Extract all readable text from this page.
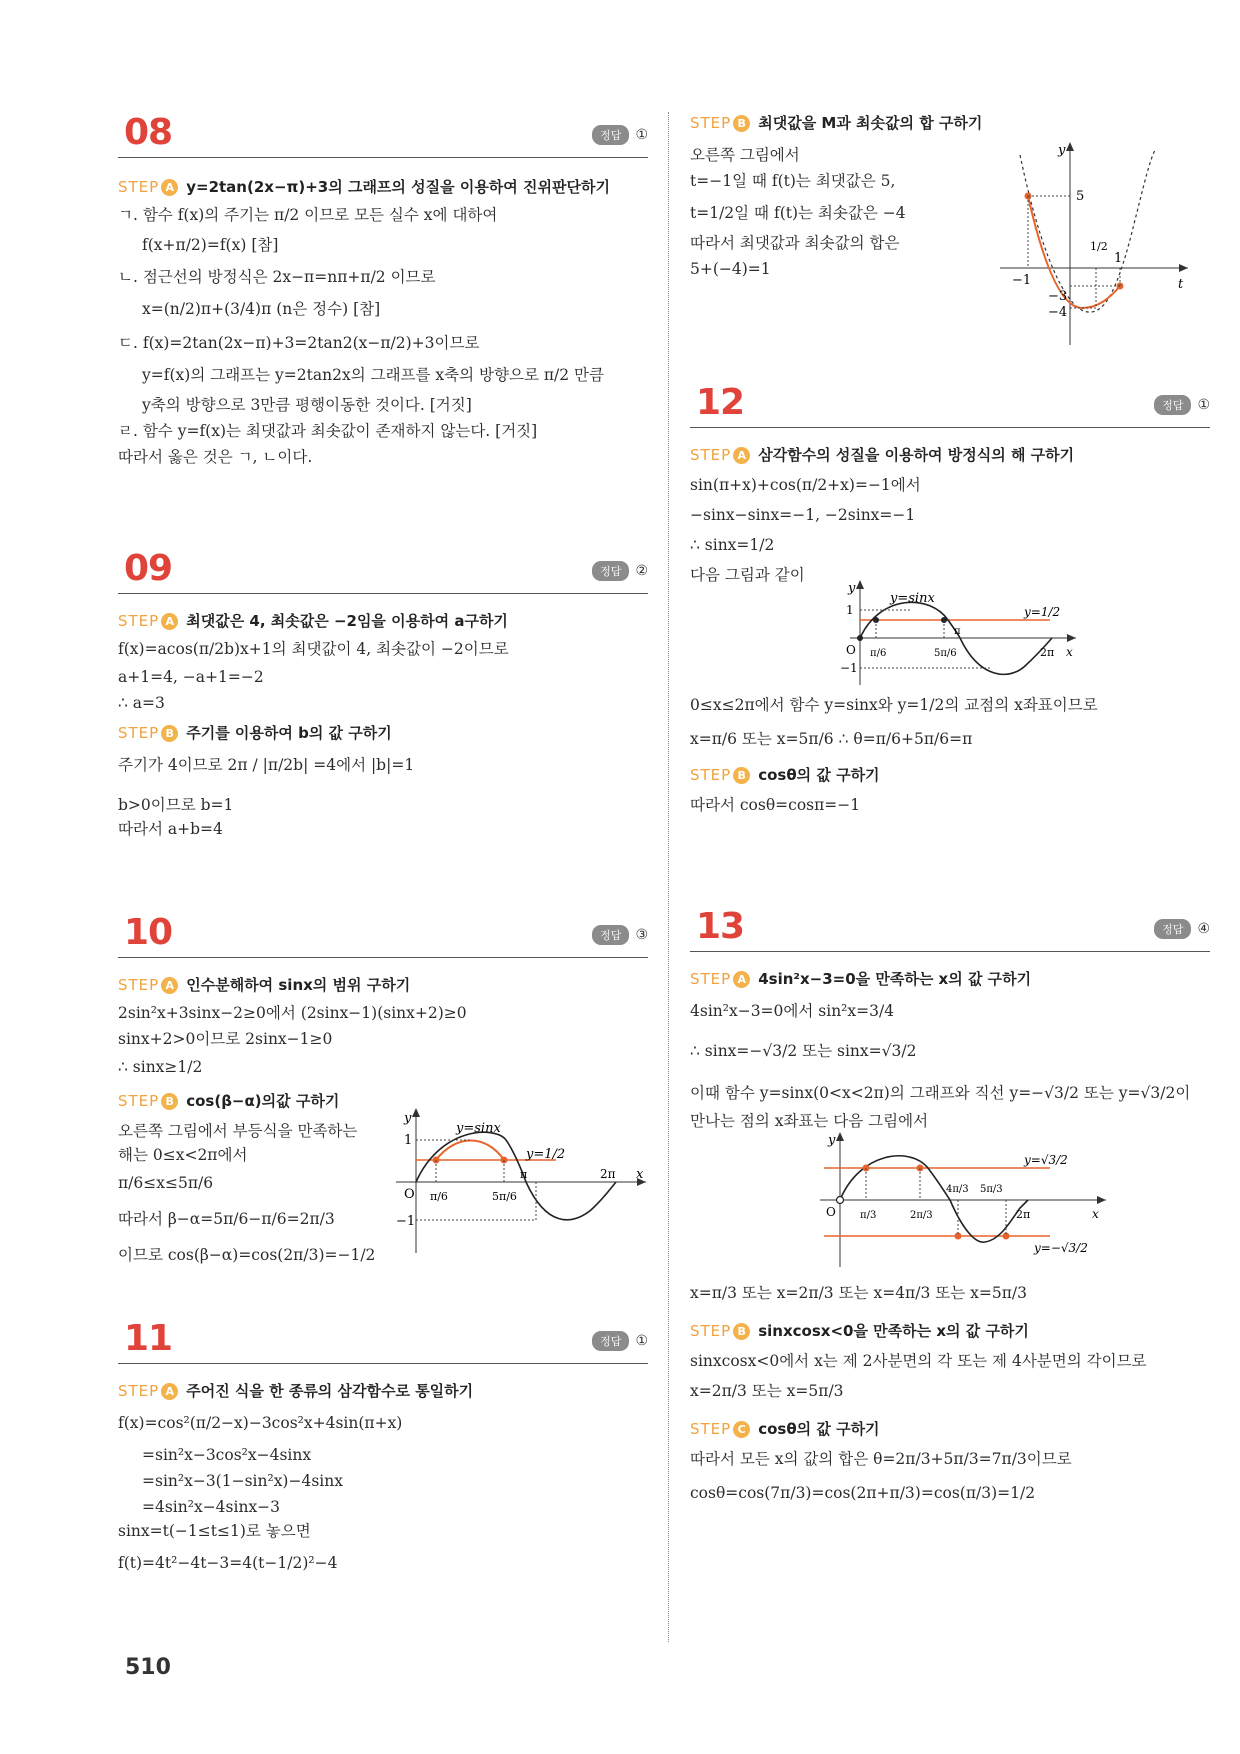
08	정답	①
STEP A y=2tan(2x−π)+3의 그래프의 성질을 이용하여 진위판단하기
ㄱ. 함수 f(x)의 주기는 π/2 이므로 모든 실수 x에 대하여
f(x+π/2)=f(x) [참]
ㄴ. 점근선의 방정식은 2x−π=nπ+π/2 이므로
x=(n/2)π+(3/4)π (n은 정수) [참]
ㄷ. f(x)=2tan(2x−π)+3=2tan2(x−π/2)+3이므로
y=f(x)의 그래프는 y=2tan2x의 그래프를 x축의 방향으로 π/2 만큼
y축의 방향으로 3만큼 평행이동한 것이다. [거짓]
ㄹ. 함수 y=f(x)는 최댓값과 최솟값이 존재하지 않는다. [거짓]
따라서 옳은 것은 ㄱ, ㄴ이다.
09	정답	②
STEP A 최댓값은 4, 최솟값은 −2임을 이용하여 a구하기
f(x)=acos(π/2b)x+1의 최댓값이 4, 최솟값이 −2이므로
a+1=4, −a+1=−2
∴ a=3
STEP B 주기를 이용하여 b의 값 구하기
주기가 4이므로 2π / |π/2b| =4에서 |b|=1
b>0이므로 b=1
따라서 a+b=4
10	정답	③
STEP A 인수분해하여 sinx의 범위 구하기
2sin²x+3sinx−2≥0에서 (2sinx−1)(sinx+2)≥0
sinx+2>0이므로 2sinx−1≥0
∴ sinx≥1/2
STEP B cos(β−α)의값 구하기
오른쪽 그림에서 부등식을 만족하는
해는 0≤x<2π에서
π/6≤x≤5π/6
따라서 β−α=5π/6−π/6=2π/3
이므로 cos(β−α)=cos(2π/3)=−1/2
y
1
−1
O
y=sinx
y=1/2
π/6	5π/6
π	2π x
11	정답	①
STEP A 주어진 식을 한 종류의 삼각함수로 통일하기
f(x)=cos²(π/2−x)−3cos²x+4sin(π+x)
=sin²x−3cos²x−4sinx
=sin²x−3(1−sin²x)−4sinx
=4sin²x−4sinx−3
sinx=t(−1≤t≤1)로 놓으면
f(t)=4t²−4t−3=4(t−1/2)²−4
STEP B 최댓값을 M과 최솟값의 합 구하기
오른쪽 그림에서
t=−1일 때 f(t)는 최댓값은 5,
t=1/2일 때 f(t)는 최솟값은 −4
따라서 최댓값과 최솟값의 합은
5+(−4)=1
y
t
5
1/2
1
−1
−3
−4
12	정답	①
STEP A 삼각함수의 성질을 이용하여 방정식의 해 구하기
sin(π+x)+cos(π/2+x)=−1에서
−sinx−sinx=−1, −2sinx=−1
∴ sinx=1/2
다음 그림과 같이
0≤x≤2π에서 함수 y=sinx와 y=1/2의 교점의 x좌표이므로
x=π/6 또는 x=5π/6 ∴ θ=π/6+5π/6=π
STEP B cosθ의 값 구하기
따라서 cosθ=cosπ=−1
y
1
−1
O
y=sinx
y=1/2
π/6	5π/6
π
2π x
13	정답	④
STEP A 4sin²x−3=0을 만족하는 x의 값 구하기
4sin²x−3=0에서 sin²x=3/4
∴ sinx=−√3/2 또는 sinx=√3/2
이때 함수 y=sinx(0<x<2π)의 그래프와 직선 y=−√3/2 또는 y=√3/2이
만나는 점의 x좌표는 다음 그림에서
x=π/3 또는 x=2π/3 또는 x=4π/3 또는 x=5π/3
STEP B sinxcosx<0을 만족하는 x의 값 구하기
sinxcosx<0에서 x는 제 2사분면의 각 또는 제 4사분면의 각이므로
x=2π/3 또는 x=5π/3
STEP C cosθ의 값 구하기
따라서 모든 x의 값의 합은 θ=2π/3+5π/3=7π/3이므로
cosθ=cos(7π/3)=cos(2π+π/3)=cos(π/3)=1/2
y
O π/3	2π/3
4π/3 5π/3
2π	x
y=√3/2
y=−√3/2
510
